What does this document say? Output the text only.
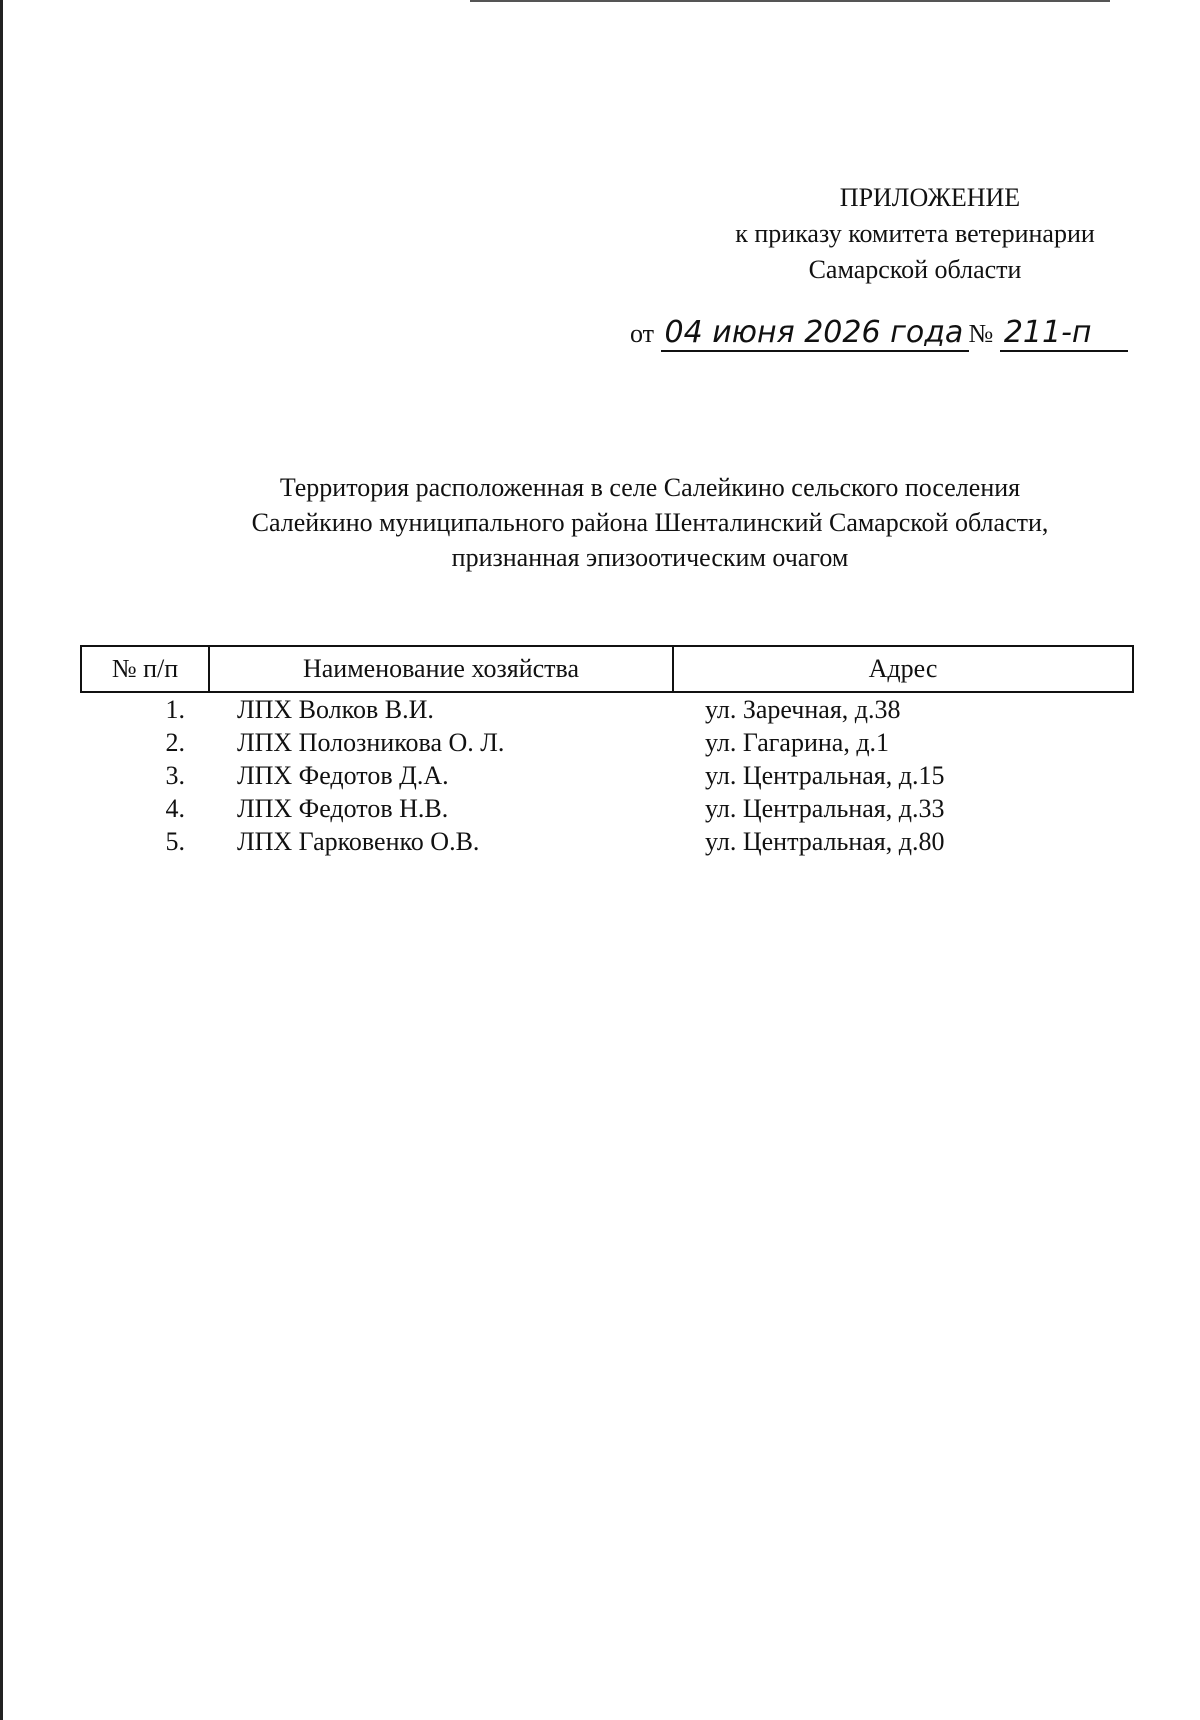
ПРИЛОЖЕНИЕ
к приказу комитета ветеринарии
Самарской области
от 04 июня 2026 года № 211-п
Территория расположенная в селе Салейкино сельского поселения
Салейкино муниципального района Шенталинский Самарской области,
признанная эпизоотическим очагом
№ п/п	Наименование хозяйства	Адрес
1.	ЛПХ Волков В.И.	ул. Заречная, д.38
2.	ЛПХ Полозникова О. Л.	ул. Гагарина, д.1
3.	ЛПХ Федотов Д.А.	ул. Центральная, д.15
4.	ЛПХ Федотов Н.В.	ул. Центральная, д.33
5.	ЛПХ Гарковенко О.В.	ул. Центральная, д.80
